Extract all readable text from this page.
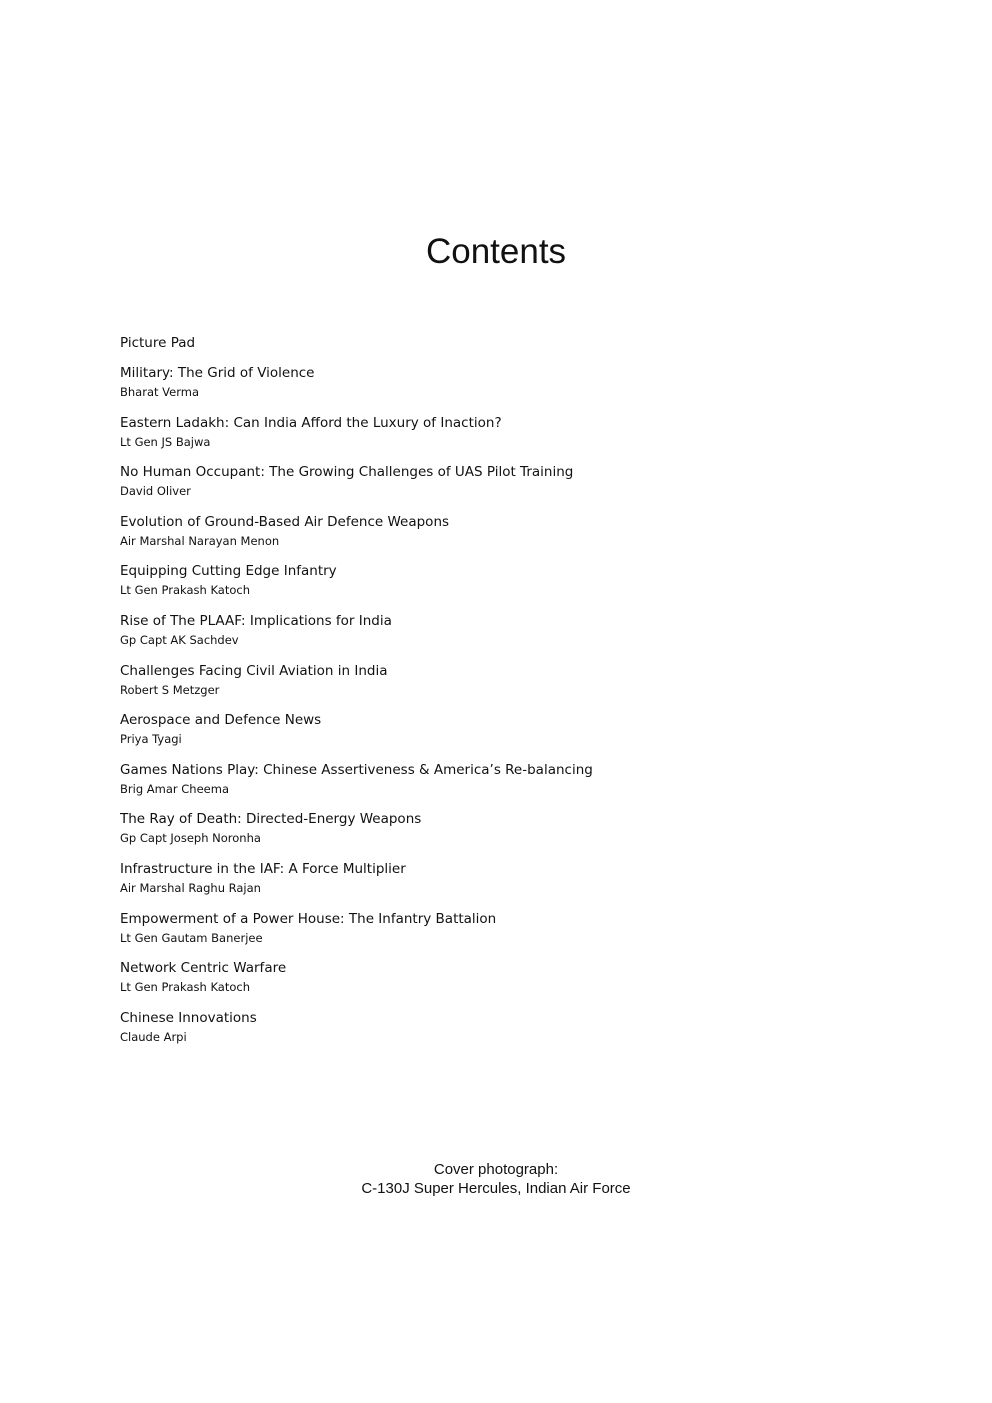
Contents
Picture Pad
Military: The Grid of Violence
Bharat Verma
Eastern Ladakh: Can India Afford the Luxury of Inaction?
Lt Gen JS Bajwa
No Human Occupant: The Growing Challenges of UAS Pilot Training
David Oliver
Evolution of Ground-Based Air Defence Weapons
Air Marshal Narayan Menon
Equipping Cutting Edge Infantry
Lt Gen Prakash Katoch
Rise of The PLAAF: Implications for India
Gp Capt AK Sachdev
Challenges Facing Civil Aviation in India
Robert S Metzger
Aerospace and Defence News
Priya Tyagi
Games Nations Play: Chinese Assertiveness & America’s Re-balancing
Brig Amar Cheema
The Ray of Death: Directed-Energy Weapons
Gp Capt Joseph Noronha
Infrastructure in the IAF: A Force Multiplier
Air Marshal Raghu Rajan
Empowerment of a Power House: The Infantry Battalion
Lt Gen Gautam Banerjee
Network Centric Warfare
Lt Gen Prakash Katoch
Chinese Innovations
Claude Arpi
Cover photograph:
C-130J Super Hercules, Indian Air Force
